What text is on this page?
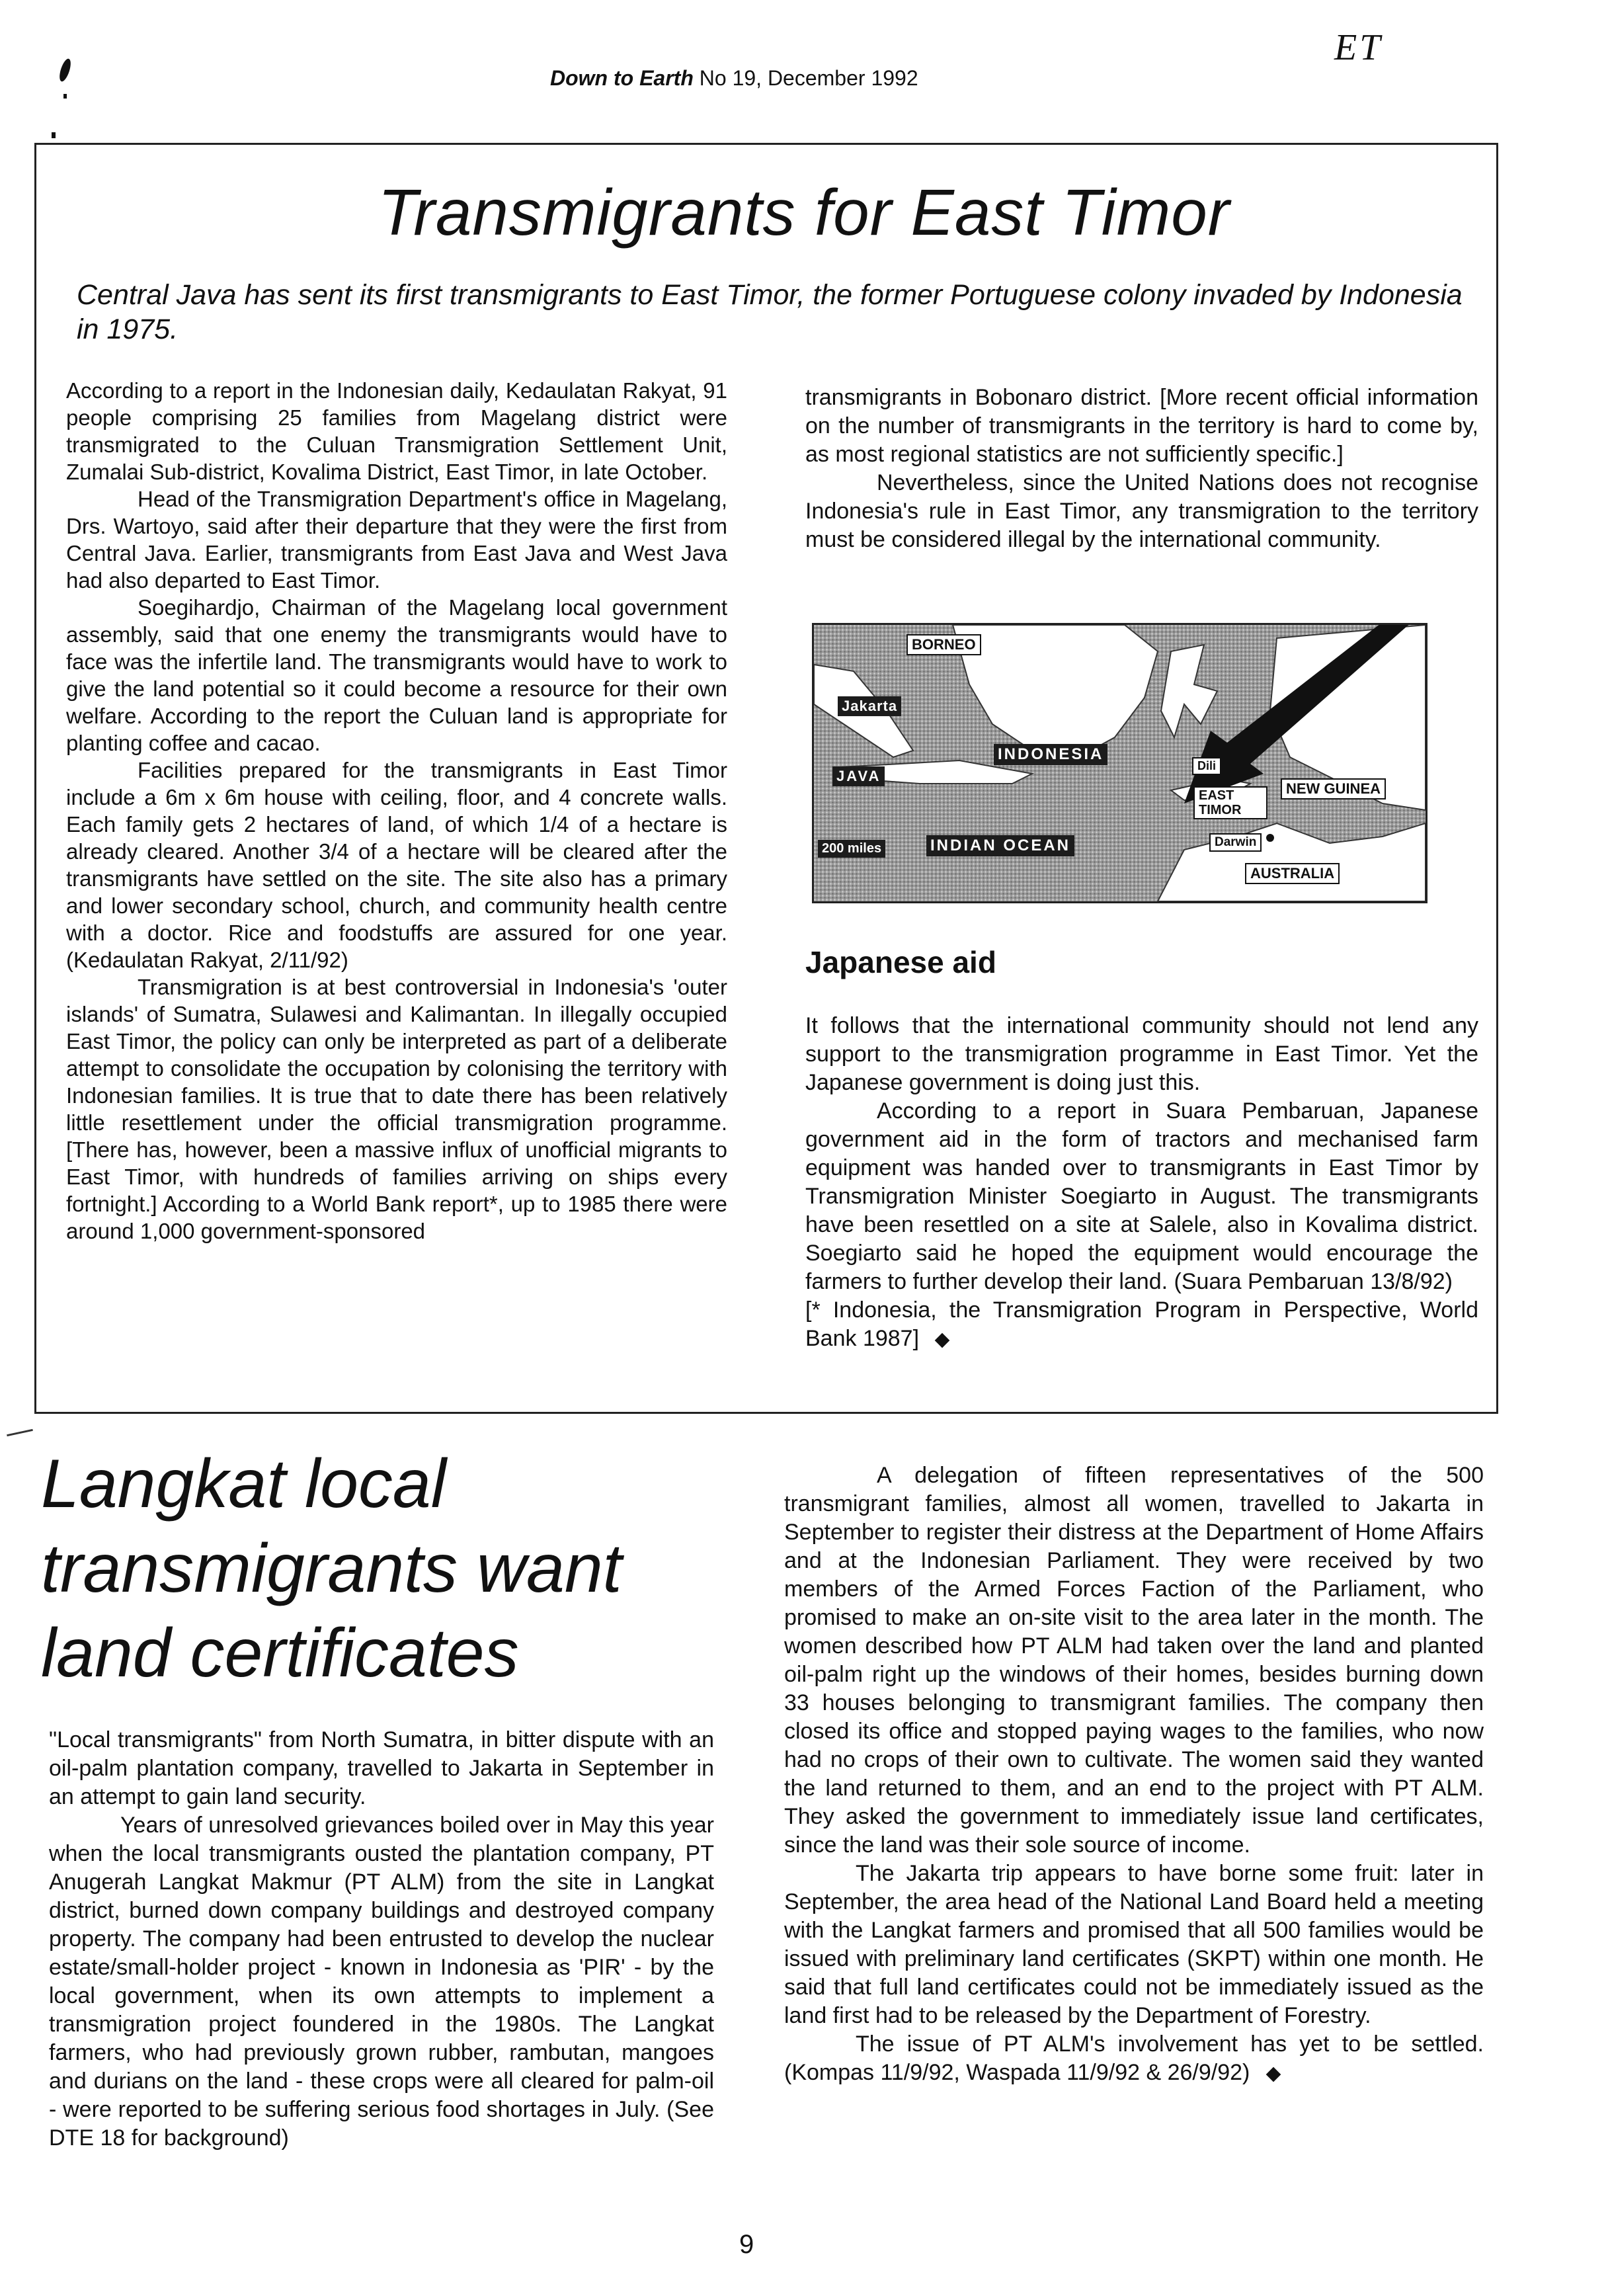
Down to Earth No 19, December 1992
ET
Transmigrants for East Timor
Central Java has sent its first transmigrants to East Timor, the former Portuguese colony invaded by Indonesia in 1975.

According to a report in the Indonesian daily, Kedaulatan Rakyat, 91 people comprising 25 families from Magelang district were transmigrated to the Culuan Transmigration Settlement Unit, Zumalai Sub-district, Kovalima District, East Timor, in late October.

Head of the Transmigration Department's office in Magelang, Drs. Wartoyo, said after their departure that they were the first from Central Java. Earlier, transmigrants from East Java and West Java had also departed to East Timor.

Soegihardjo, Chairman of the Magelang local government assembly, said that one enemy the transmigrants would have to face was the infertile land. The transmigrants would have to work to give the land potential so it could become a resource for their own welfare. According to the report the Culuan land is appropriate for planting coffee and cacao.

Facilities prepared for the transmigrants in East Timor include a 6m x 6m house with ceiling, floor, and 4 concrete walls. Each family gets 2 hectares of land, of which 1/4 of a hectare is already cleared. Another 3/4 of a hectare will be cleared after the transmigrants have settled on the site. The site also has a primary and lower secondary school, church, and community health centre with a doctor. Rice and foodstuffs are assured for one year. (Kedaulatan Rakyat, 2/11/92)

Transmigration is at best controversial in Indonesia's 'outer islands' of Sumatra, Sulawesi and Kalimantan. In illegally occupied East Timor, the policy can only be interpreted as part of a deliberate attempt to consolidate the occupation by colonising the territory with Indonesian families. It is true that to date there has been relatively little resettlement under the official transmigration programme. [There has, however, been a massive influx of unofficial migrants to East Timor, with hundreds of families arriving on ships every fortnight.] According to a World Bank report*, up to 1985 there were around 1,000 government-sponsored

transmigrants in Bobonaro district. [More recent official information on the number of transmigrants in the territory is hard to come by, as most regional statistics are not sufficiently specific.]

Nevertheless, since the United Nations does not recognise Indonesia's rule in East Timor, any transmigration to the territory must be considered illegal by the international community.

BORNEO
Jakarta
INDONESIA
JAVA
Dili
EAST TIMOR
NEW GUINEA
200 miles	INDIAN OCEAN	Darwin
AUSTRALIA
Japanese aid

It follows that the international community should not lend any support to the transmigration programme in East Timor. Yet the Japanese government is doing just this.

According to a report in Suara Pembaruan, Japanese government aid in the form of tractors and mechanised farm equipment was handed over to transmigrants in East Timor by Transmigration Minister Soegiarto in August. The transmigrants have been resettled on a site at Salele, also in Kovalima district. Soegiarto said he hoped the equipment would encourage the farmers to further develop their land. (Suara Pembaruan 13/8/92)

[* Indonesia, the Transmigration Program in Perspective, World Bank 1987]

Langkat local
transmigrants want
land certificates

"Local transmigrants" from North Sumatra, in bitter dispute with an oil-palm plantation company, travelled to Jakarta in September in an attempt to gain land security.

Years of unresolved grievances boiled over in May this year when the local transmigrants ousted the plantation company, PT Anugerah Langkat Makmur (PT ALM) from the site in Langkat district, burned down company buildings and destroyed company property. The company had been entrusted to develop the nuclear estate/small-holder project - known in Indonesia as 'PIR' - by the local government, when its own attempts to implement a transmigration project foundered in the 1980s. The Langkat farmers, who had previously grown rubber, rambutan, mangoes and durians on the land - these crops were all cleared for palm-oil - were reported to be suffering serious food shortages in July. (See DTE 18 for background)

A delegation of fifteen representatives of the 500 transmigrant families, almost all women, travelled to Jakarta in September to register their distress at the Department of Home Affairs and at the Indonesian Parliament. They were received by two members of the Armed Forces Faction of the Parliament, who promised to make an on-site visit to the area later in the month. The women described how PT ALM had taken over the land and planted oil-palm right up the windows of their homes, besides burning down 33 houses belonging to transmigrant families. The company then closed its office and stopped paying wages to the families, who now had no crops of their own to cultivate. The women said they wanted the land returned to them, and an end to the project with PT ALM. They asked the government to immediately issue land certificates, since the land was their sole source of income.

The Jakarta trip appears to have borne some fruit: later in September, the area head of the National Land Board held a meeting with the Langkat farmers and promised that all 500 families would be issued with preliminary land certificates (SKPT) within one month. He said that full land certificates could not be immediately issued as the land first had to be released by the Department of Forestry.

The issue of PT ALM's involvement has yet to be settled. (Kompas 11/9/92, Waspada 11/9/92 & 26/9/92)

9
